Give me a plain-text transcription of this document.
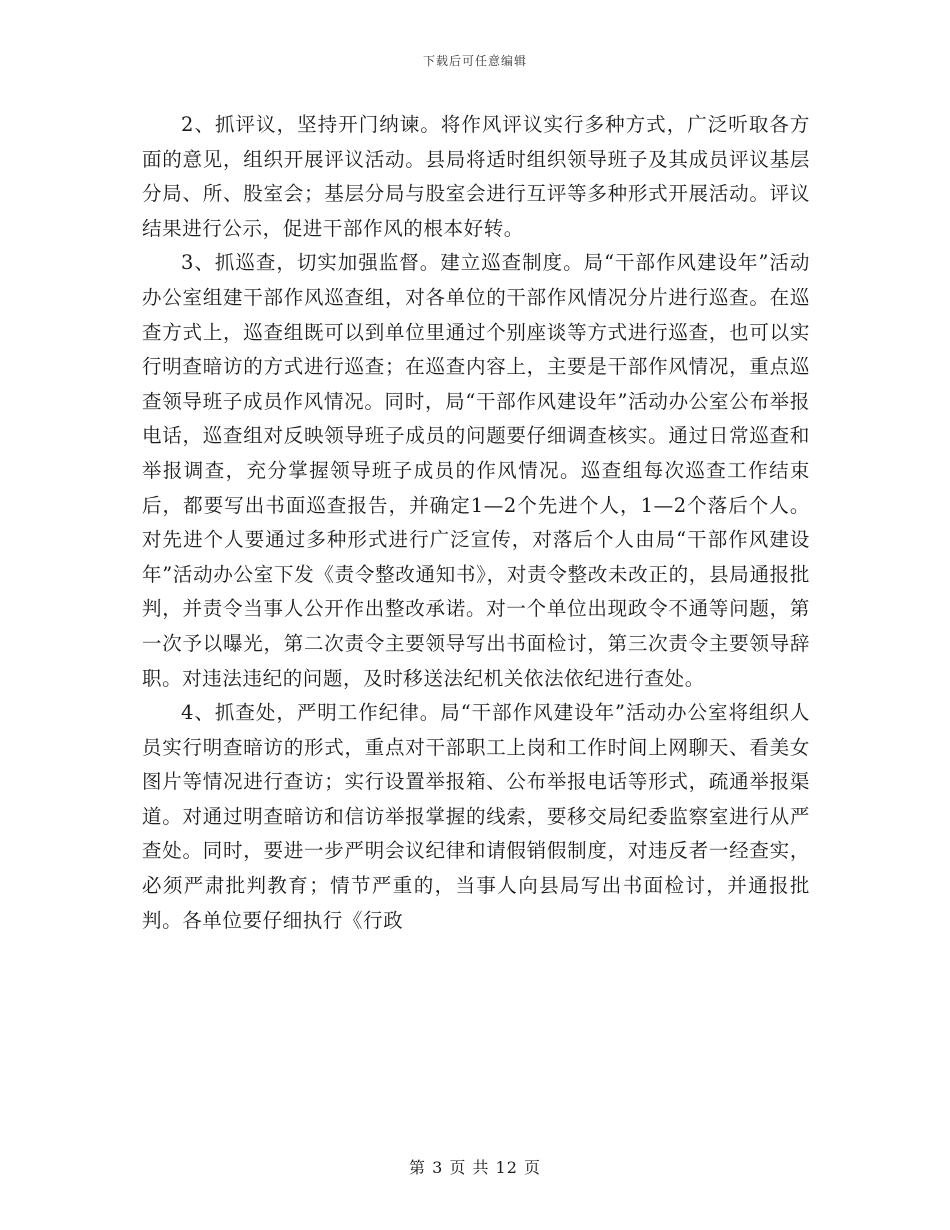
下载后可任意编辑

2、抓评议，坚持开门纳谏。将作风评议实行多种方式，广泛听取各方面的意见，组织开展评议活动。县局将适时组织领导班子及其成员评议基层分局、所、股室会；基层分局与股室会进行互评等多种形式开展活动。评议结果进行公示，促进干部作风的根本好转。

3、抓巡查，切实加强监督。建立巡查制度。局“干部作风建设年”活动办公室组建干部作风巡查组，对各单位的干部作风情况分片进行巡查。在巡查方式上，巡查组既可以到单位里通过个别座谈等方式进行巡查，也可以实行明查暗访的方式进行巡查；在巡查内容上，主要是干部作风情况，重点巡查领导班子成员作风情况。同时，局“干部作风建设年”活动办公室公布举报电话，巡查组对反映领导班子成员的问题要仔细调查核实。通过日常巡查和举报调查，充分掌握领导班子成员的作风情况。巡查组每次巡查工作结束后，都要写出书面巡查报告，并确定1—2个先进个人，1—2个落后个人。对先进个人要通过多种形式进行广泛宣传，对落后个人由局“干部作风建设年”活动办公室下发《责令整改通知书》，对责令整改未改正的，县局通报批判，并责令当事人公开作出整改承诺。对一个单位出现政令不通等问题，第一次予以曝光，第二次责令主要领导写出书面检讨，第三次责令主要领导辞职。对违法违纪的问题，及时移送法纪机关依法依纪进行查处。

4、抓查处，严明工作纪律。局“干部作风建设年”活动办公室将组织人员实行明查暗访的形式，重点对干部职工上岗和工作时间上网聊天、看美女图片等情况进行查访；实行设置举报箱、公布举报电话等形式，疏通举报渠道。对通过明查暗访和信访举报掌握的线索，要移交局纪委监察室进行从严查处。同时，要进一步严明会议纪律和请假销假制度，对违反者一经查实，必须严肃批判教育；情节严重的，当事人向县局写出书面检讨，并通报批判。各单位要仔细执行《行政

第 3 页 共 12 页
